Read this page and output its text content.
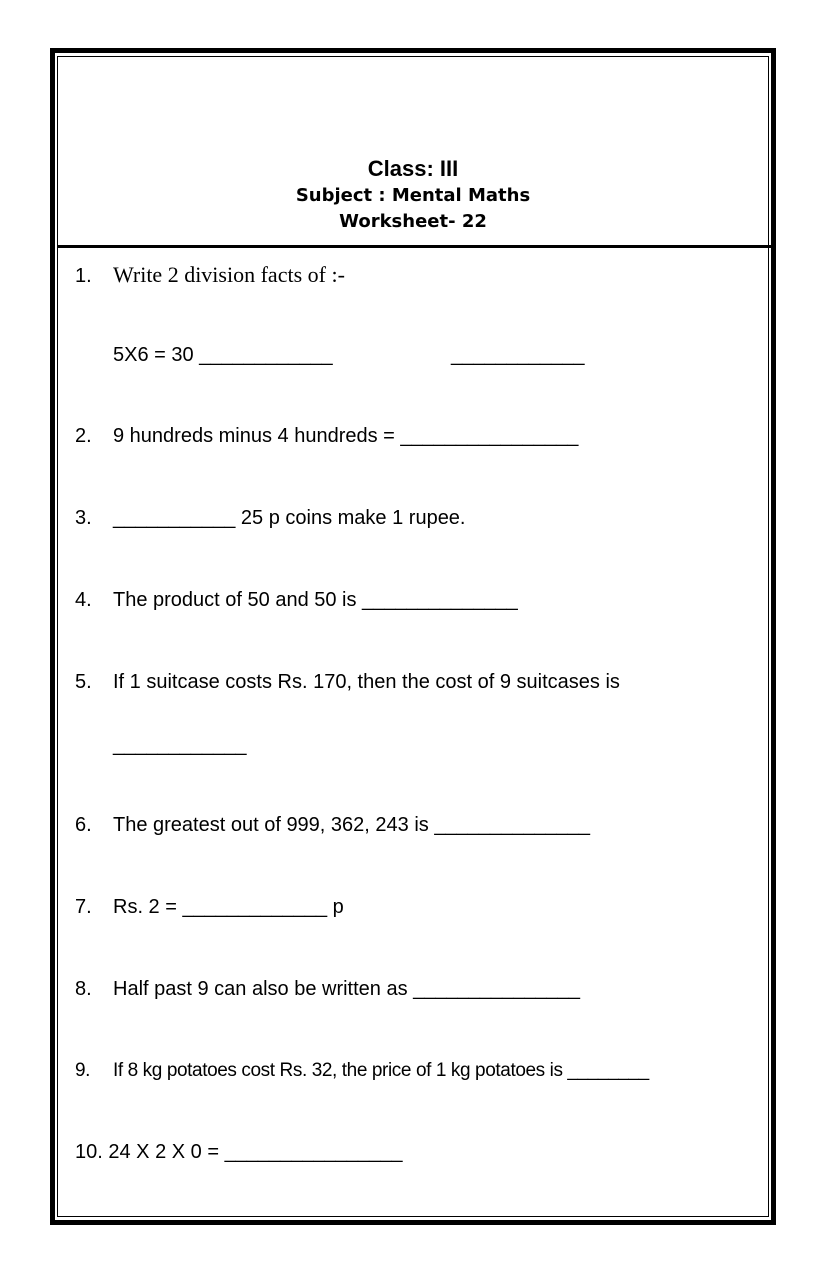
Class: III
Subject : Mental Maths
Worksheet- 22
1. Write 2 division facts of :-
5X6 = 30 ____________	____________
2. 9 hundreds minus 4 hundreds = ________________
3. ___________ 25 p coins make 1 rupee.
4. The product of 50 and 50 is ______________
5. If 1 suitcase costs Rs. 170, then the cost of 9 suitcases is
____________
6. The greatest out of 999, 362, 243 is ______________
7. Rs. 2 = _____________ p
8. Half past 9 can also be written as _______________
9. If 8 kg potatoes cost Rs. 32, the price of 1 kg potatoes is ________
10. 24 X 2 X 0 = ________________
